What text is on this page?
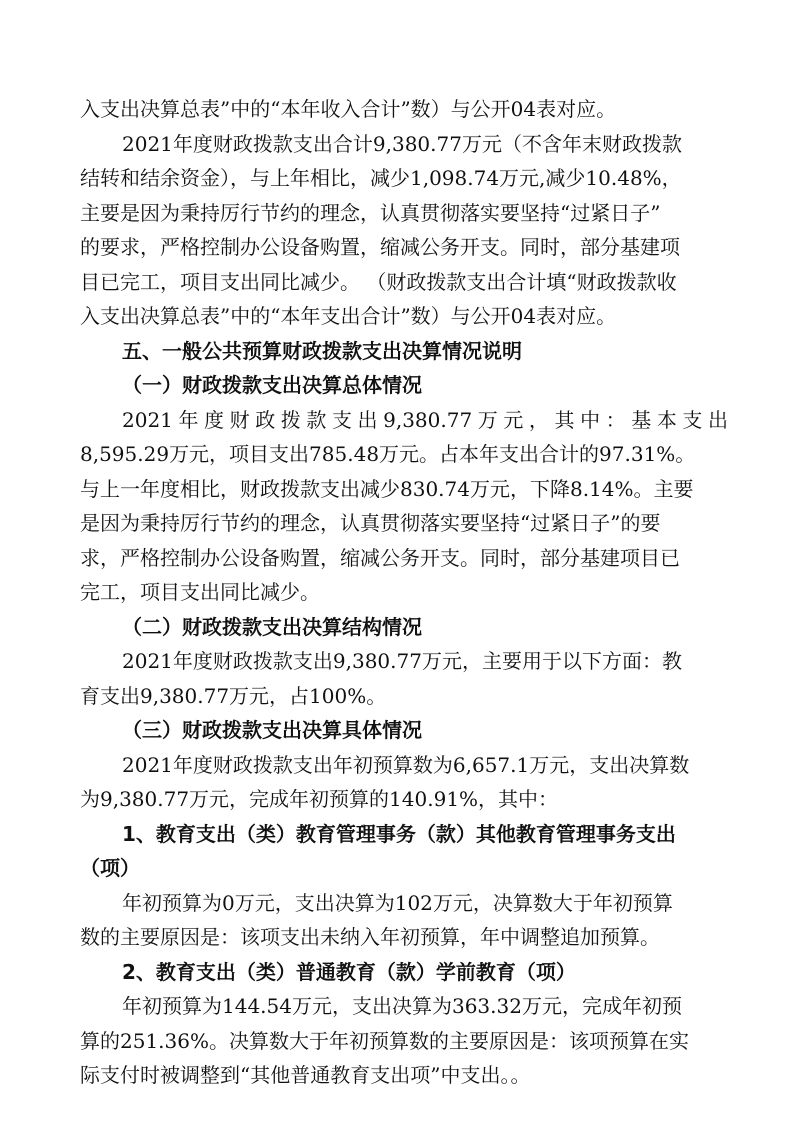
入支出决算总表”中的“本年收入合计”数）与公开04表对应。
2021年度财政拨款支出合计9,380.77万元（不含年末财政拨款
结转和结余资金），与上年相比，减少1,098.74万元,减少10.48%，
主要是因为秉持厉行节约的理念，认真贯彻落实要坚持“过紧日子”
的要求，严格控制办公设备购置，缩减公务开支。同时，部分基建项
目已完工，项目支出同比减少。 （财政拨款支出合计填“财政拨款收
入支出决算总表”中的“本年支出合计”数）与公开04表对应。
五、一般公共预算财政拨款支出决算情况说明
（一）财政拨款支出决算总体情况
2021年度财政拨款支出9,380.77万元，其中：基本支出
8,595.29万元，项目支出785.48万元。占本年支出合计的97.31%。
与上一年度相比，财政拨款支出减少830.74万元，下降8.14%。主要
是因为秉持厉行节约的理念，认真贯彻落实要坚持“过紧日子”的要
求，严格控制办公设备购置，缩减公务开支。同时，部分基建项目已
完工，项目支出同比减少。
（二）财政拨款支出决算结构情况
2021年度财政拨款支出9,380.77万元，主要用于以下方面：教
育支出9,380.77万元，占100%。
（三）财政拨款支出决算具体情况
2021年度财政拨款支出年初预算数为6,657.1万元，支出决算数
为9,380.77万元，完成年初预算的140.91%，其中：
1、教育支出（类）教育管理事务（款）其他教育管理事务支出
（项）
年初预算为0万元，支出决算为102万元，决算数大于年初预算
数的主要原因是：该项支出未纳入年初预算，年中调整追加预算。
2、教育支出（类）普通教育（款）学前教育（项）
年初预算为144.54万元，支出决算为363.32万元，完成年初预
算的251.36%。决算数大于年初预算数的主要原因是：该项预算在实
际支付时被调整到“其他普通教育支出项”中支出。。
